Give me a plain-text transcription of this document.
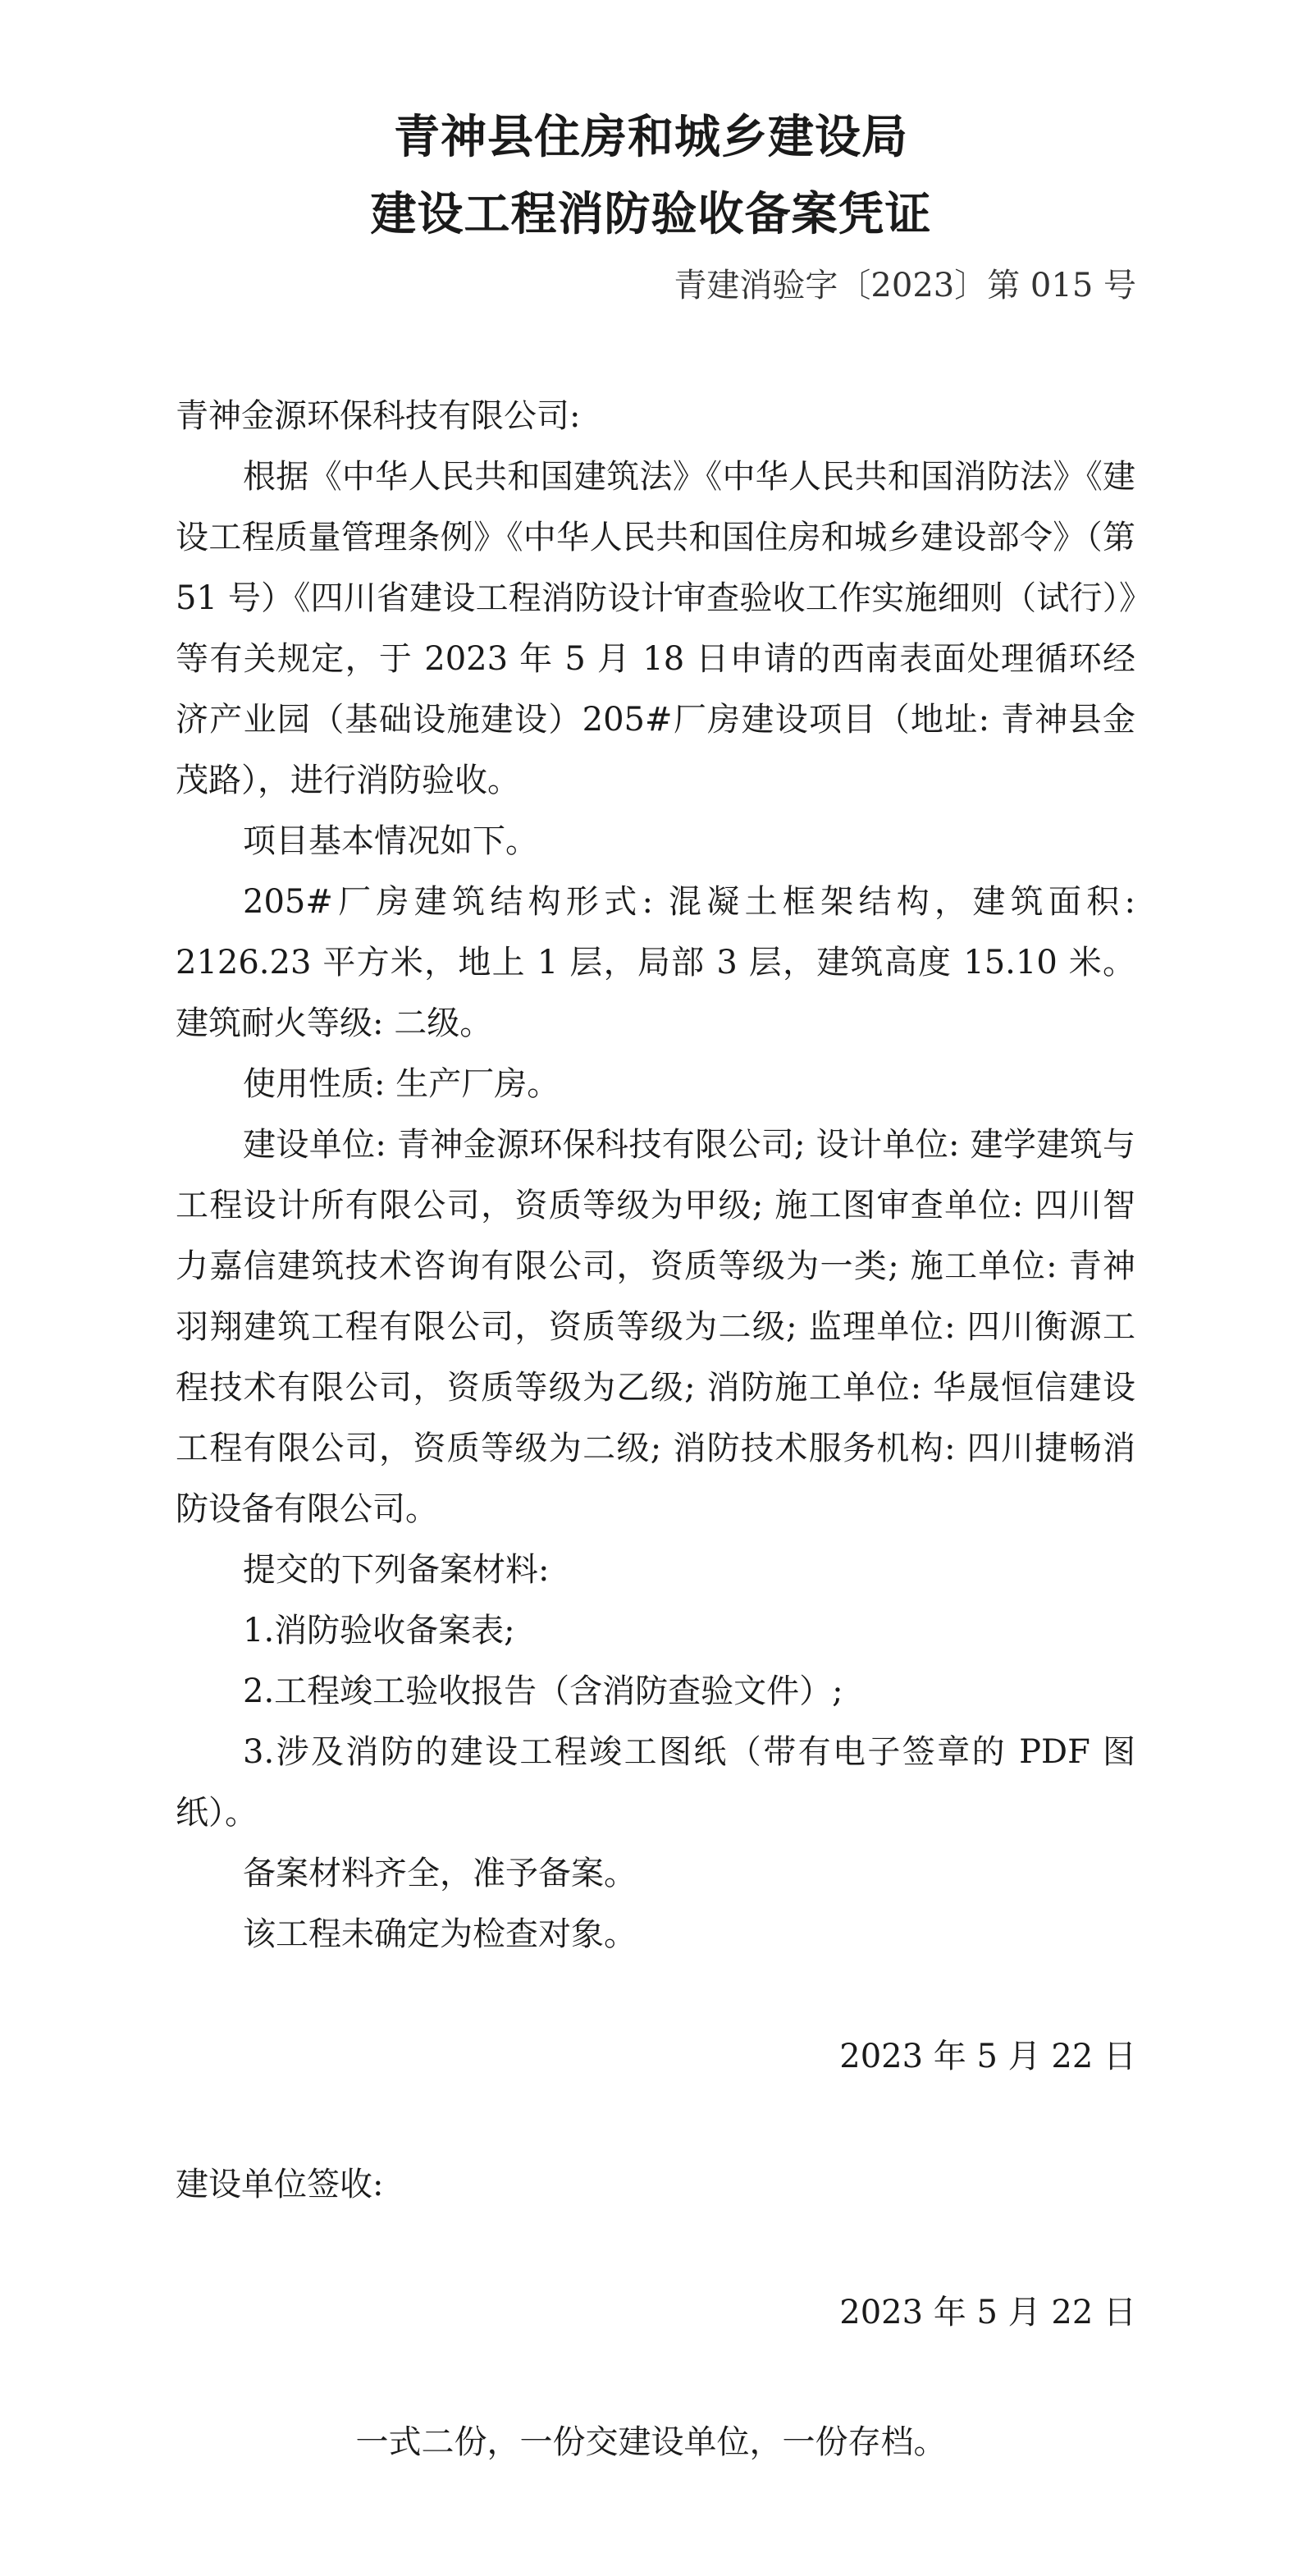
青神县住房和城乡建设局
建设工程消防验收备案凭证

青建消验字〔2023〕第 015 号

青神金源环保科技有限公司:

根据《中华人民共和国建筑法》《中华人民共和国消防法》《建设工程质量管理条例》《中华人民共和国住房和城乡建设部令》（第 51 号）《四川省建设工程消防设计审查验收工作实施细则（试行）》等有关规定，于 2023 年 5 月 18 日申请的西南表面处理循环经济产业园（基础设施建设）205#厂房建设项目（地址: 青神县金茂路），进行消防验收。

项目基本情况如下。

205#厂房建筑结构形式: 混凝土框架结构，建筑面积: 2126.23 平方米，地上 1 层，局部 3 层，建筑高度 15.10 米。建筑耐火等级: 二级。

使用性质: 生产厂房。

建设单位: 青神金源环保科技有限公司; 设计单位: 建学建筑与工程设计所有限公司，资质等级为甲级; 施工图审查单位: 四川智力嘉信建筑技术咨询有限公司，资质等级为一类; 施工单位: 青神羽翔建筑工程有限公司，资质等级为二级; 监理单位: 四川衡源工程技术有限公司，资质等级为乙级; 消防施工单位: 华晟恒信建设工程有限公司，资质等级为二级; 消防技术服务机构: 四川捷畅消防设备有限公司。

提交的下列备案材料:

1.消防验收备案表;

2.工程竣工验收报告（含消防查验文件）;

3.涉及消防的建设工程竣工图纸（带有电子签章的 PDF 图纸）。

备案材料齐全，准予备案。

该工程未确定为检查对象。

2023 年 5 月 22 日

建设单位签收:

2023 年 5 月 22 日

一式二份，一份交建设单位，一份存档。
